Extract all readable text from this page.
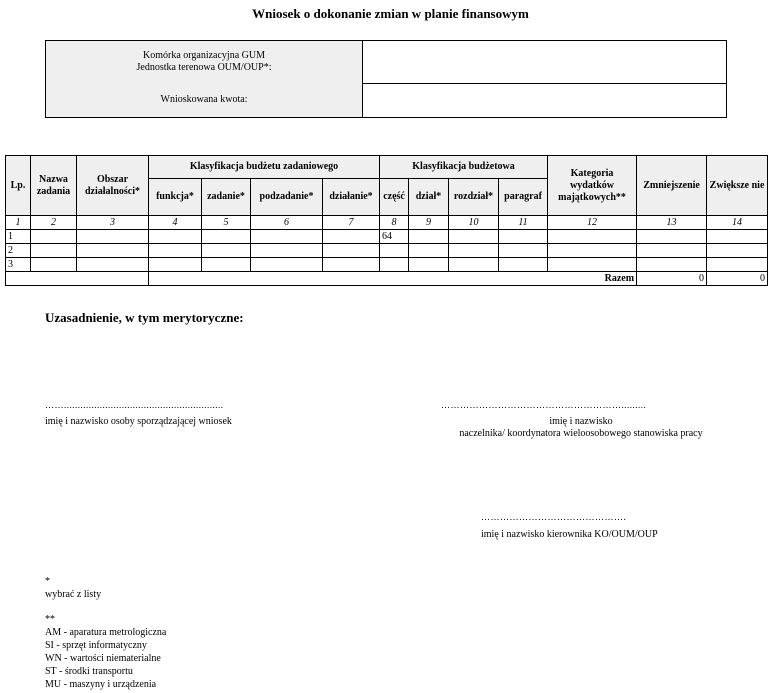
Wniosek o dokonanie zmian w planie finansowym
Komórka organizacyjna GUM
Jednostka terenowa OUM/OUP*:
Wnioskowana kwota:
Lp.	Nazwa zadania	Obszar działalności*	Klasyfikacja budżetu zadaniowego				Klasyfikacja budżetowa				Kategoria wydatków majątkowych**	Zmniejszenie	Zwiększe nie
			funkcja*	zadanie*	podzadanie*	działanie*	część	dział*	rozdział*	paragraf			
1	2	3	4	5	6	7	8	9	10	11	12	13	14
1							64						
2													
3													
			Razem									0	0
Uzasadnienie, w tym merytoryczne:
……..........................................................
imię i nazwisko osoby sporządzającej wniosek
………………………………………………….........
imię i nazwisko
naczelnika/ koordynatora wieloosobowego stanowiska pracy
……………………………………….
imię i nazwisko kierownika KO/OUM/OUP
*
wybrać z listy
**
AM - aparatura metrologiczna
SI - sprzęt informatyczny
WN - wartości niematerialne
ST - środki transportu
MU - maszyny i urządzenia
